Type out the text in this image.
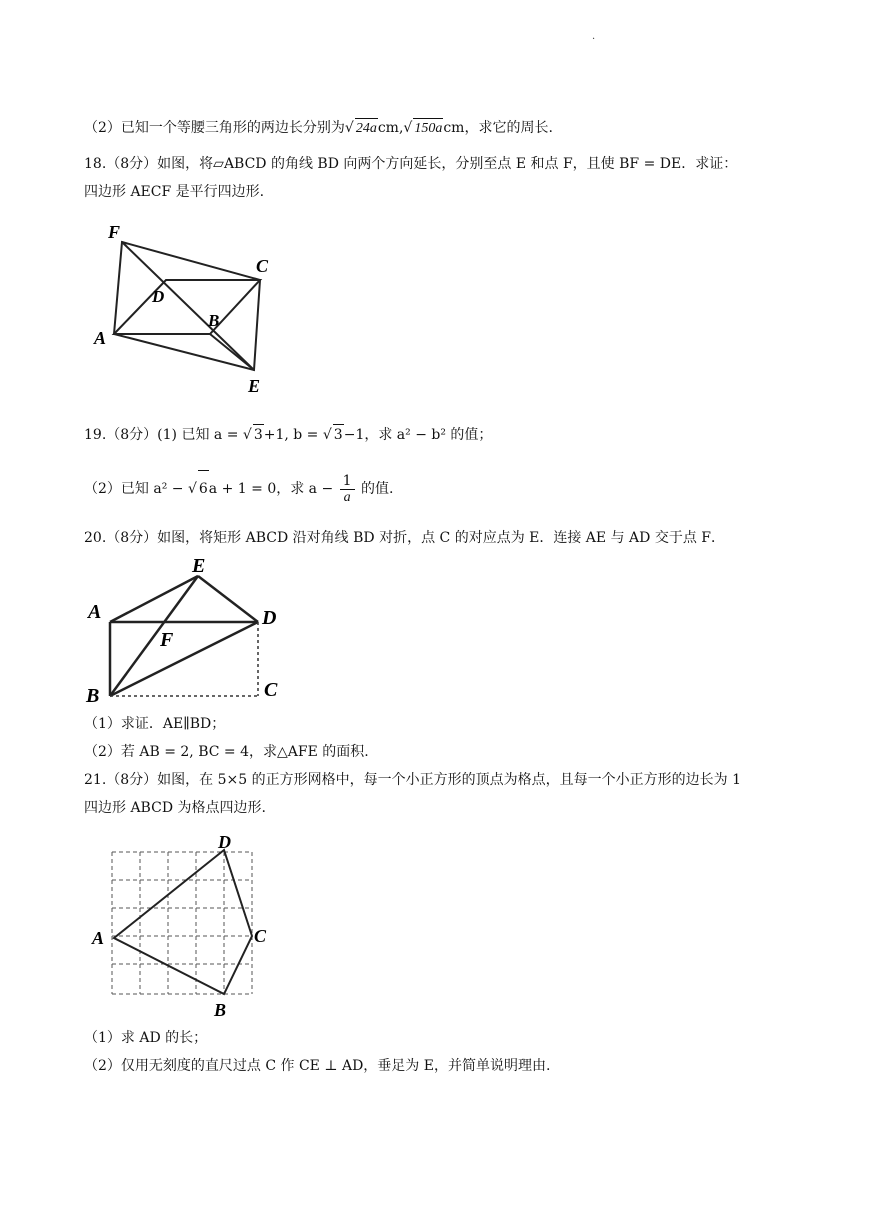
·
（2）已知一个等腰三角形的两边长分别为√ 24acm,√ 150acm，求它的周长.
18.（8分）如图，将▱ABCD 的角线 BD 向两个方向延长，分别至点 E 和点 F，且使 BF = DE．求证：
四边形 AECF 是平行四边形.
F
C
D
B
A
E
19.（8分）(1) 已知 a = √ 3+1, b = √ 3−1，求 a² − b² 的值；
（2）已知 a² − √ 6a + 1 = 0，求 $a - \frac{1}{a}$ 的值.
20.（8分）如图，将矩形 ABCD 沿对角线 BD 对折，点 C 的对应点为 E．连接 AE 与 AD 交于点 F．
E
A	D
F
B	C
（1）求证．AE∥BD；
（2）若 AB = 2, BC = 4，求△AFE 的面积.
21.（8分）如图，在 5×5 的正方形网格中，每一个小正方形的顶点为格点，且每一个小正方形的边长为 1
四边形 ABCD 为格点四边形.
D
A	C
B
（1）求 AD 的长；
（2）仅用无刻度的直尺过点 C 作 CE ⊥ AD，垂足为 E，并简单说明理由.
